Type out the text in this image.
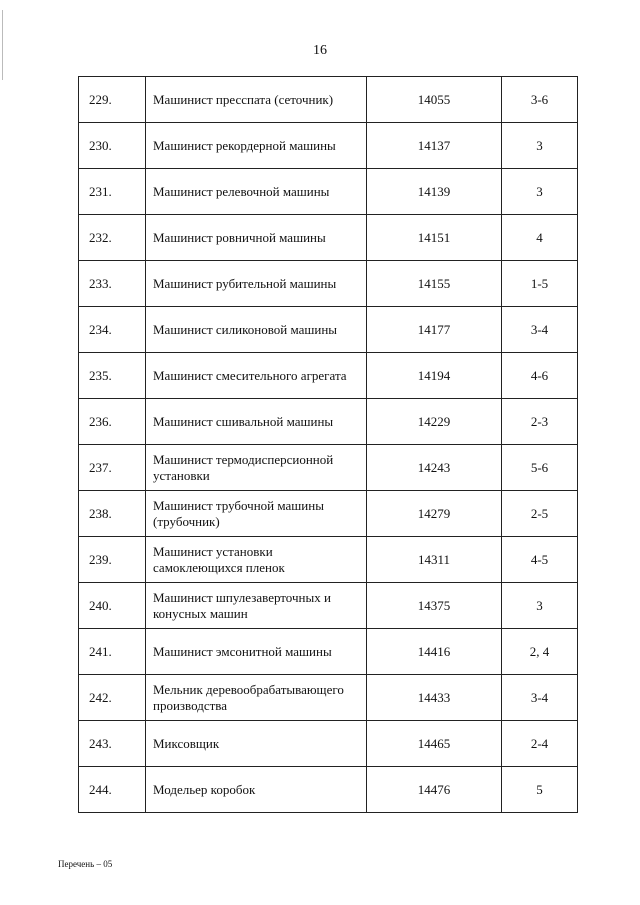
16
229.	Машинист пресспата (сеточник)	14055	3-6
230.	Машинист рекордерной машины	14137	3
231.	Машинист релевочной машины	14139	3
232.	Машинист ровничной машины	14151	4
233.	Машинист рубительной машины	14155	1-5
234.	Машинист силиконовой машины	14177	3-4
235.	Машинист смесительного агрегата	14194	4-6
236.	Машинист сшивальной машины	14229	2-3
237.	Машинист термодисперсионной установки	14243	5-6
238.	Машинист трубочной машины (трубочник)	14279	2-5
239.	Машинист установки самоклеющихся пленок	14311	4-5
240.	Машинист шпулезаверточных и конусных машин	14375	3
241.	Машинист эмсонитной машины	14416	2, 4
242.	Мельник деревообрабатывающего производства	14433	3-4
243.	Миксовщик	14465	2-4
244.	Модельер коробок	14476	5
Перечень – 05
